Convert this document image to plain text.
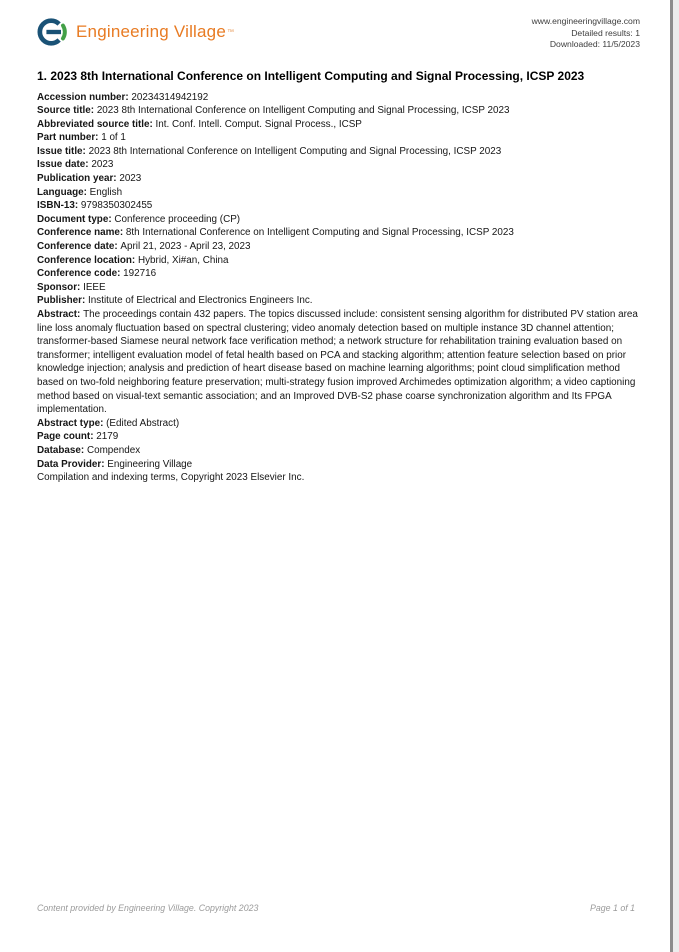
Engineering Village ™
www.engineeringvillage.com
Detailed results: 1
Downloaded: 11/5/2023
1. 2023 8th International Conference on Intelligent Computing and Signal Processing, ICSP 2023
Accession number: 20234314942192
Source title: 2023 8th International Conference on Intelligent Computing and Signal Processing, ICSP 2023
Abbreviated source title: Int. Conf. Intell. Comput. Signal Process., ICSP
Part number: 1 of 1
Issue title: 2023 8th International Conference on Intelligent Computing and Signal Processing, ICSP 2023
Issue date: 2023
Publication year: 2023
Language: English
ISBN-13: 9798350302455
Document type: Conference proceeding (CP)
Conference name: 8th International Conference on Intelligent Computing and Signal Processing, ICSP 2023
Conference date: April 21, 2023 - April 23, 2023
Conference location: Hybrid, Xi#an, China
Conference code: 192716
Sponsor: IEEE
Publisher: Institute of Electrical and Electronics Engineers Inc.
Abstract: The proceedings contain 432 papers. The topics discussed include: consistent sensing algorithm for distributed PV station area line loss anomaly fluctuation based on spectral clustering; video anomaly detection based on multiple instance 3D channel attention; transformer-based Siamese neural network face verification method; a network structure for rehabilitation training evaluation based on transformer; intelligent evaluation model of fetal health based on PCA and stacking algorithm; attention feature selection based on prior knowledge injection; analysis and prediction of heart disease based on machine learning algorithms; point cloud simplification method based on two-fold neighboring feature preservation; multi-strategy fusion improved Archimedes optimization algorithm; a video captioning method based on visual-text semantic association; and an Improved DVB-S2 phase coarse synchronization algorithm and Its FPGA implementation.
Abstract type: (Edited Abstract)
Page count: 2179
Database: Compendex
Data Provider: Engineering Village
Compilation and indexing terms, Copyright 2023 Elsevier Inc.
Content provided by Engineering Village. Copyright 2023	Page 1 of 1
